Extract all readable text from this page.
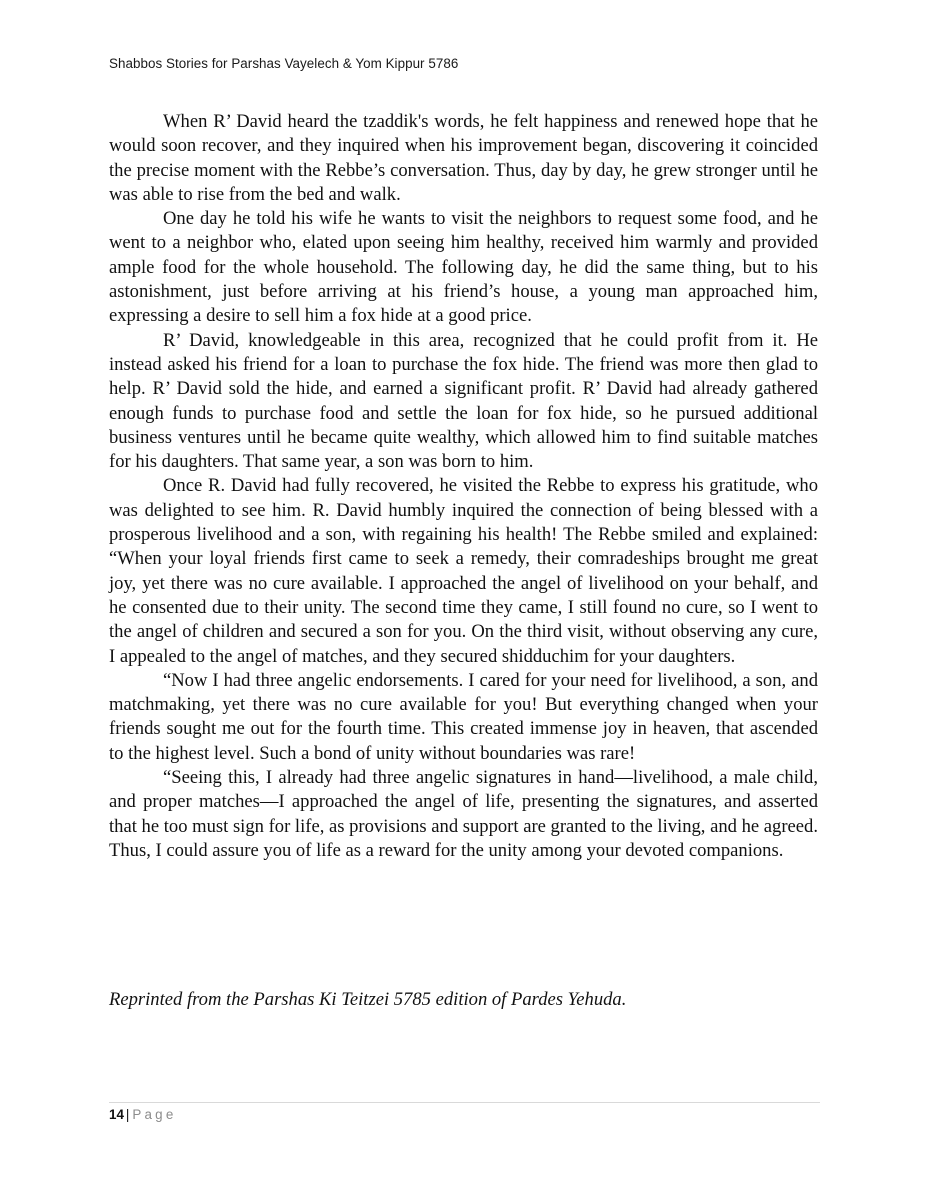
Shabbos Stories for Parshas Vayelech & Yom Kippur 5786

When R’ David heard the tzaddik's words, he felt happiness and renewed hope that he would soon recover, and they inquired when his improvement began, discovering it coincided the precise moment with the Rebbe’s conversation. Thus, day by day, he grew stronger until he was able to rise from the bed and walk.

One day he told his wife he wants to visit the neighbors to request some food, and he went to a neighbor who, elated upon seeing him healthy, received him warmly and provided ample food for the whole household. The following day, he did the same thing, but to his astonishment, just before arriving at his friend’s house, a young man approached him, expressing a desire to sell him a fox hide at a good price.

R’ David, knowledgeable in this area, recognized that he could profit from it. He instead asked his friend for a loan to purchase the fox hide. The friend was more then glad to help. R’ David sold the hide, and earned a significant profit. R’ David had already gathered enough funds to purchase food and settle the loan for fox hide, so he pursued additional business ventures until he became quite wealthy, which allowed him to find suitable matches for his daughters. That same year, a son was born to him.

Once R. David had fully recovered, he visited the Rebbe to express his gratitude, who was delighted to see him. R. David humbly inquired the connection of being blessed with a prosperous livelihood and a son, with regaining his health! The Rebbe smiled and explained: “When your loyal friends first came to seek a remedy, their comradeships brought me great joy, yet there was no cure available. I approached the angel of livelihood on your behalf, and he consented due to their unity. The second time they came, I still found no cure, so I went to the angel of children and secured a son for you. On the third visit, without observing any cure, I appealed to the angel of matches, and they secured shidduchim for your daughters.

“Now I had three angelic endorsements. I cared for your need for livelihood, a son, and matchmaking, yet there was no cure available for you! But everything changed when your friends sought me out for the fourth time. This created immense joy in heaven, that ascended to the highest level. Such a bond of unity without boundaries was rare!

“Seeing this, I already had three angelic signatures in hand—livelihood, a male child, and proper matches—I approached the angel of life, presenting the signatures, and asserted that he too must sign for life, as provisions and support are granted to the living, and he agreed. Thus, I could assure you of life as a reward for the unity among your devoted companions.

Reprinted from the Parshas Ki Teitzei 5785 edition of Pardes Yehuda.
14 | Page
